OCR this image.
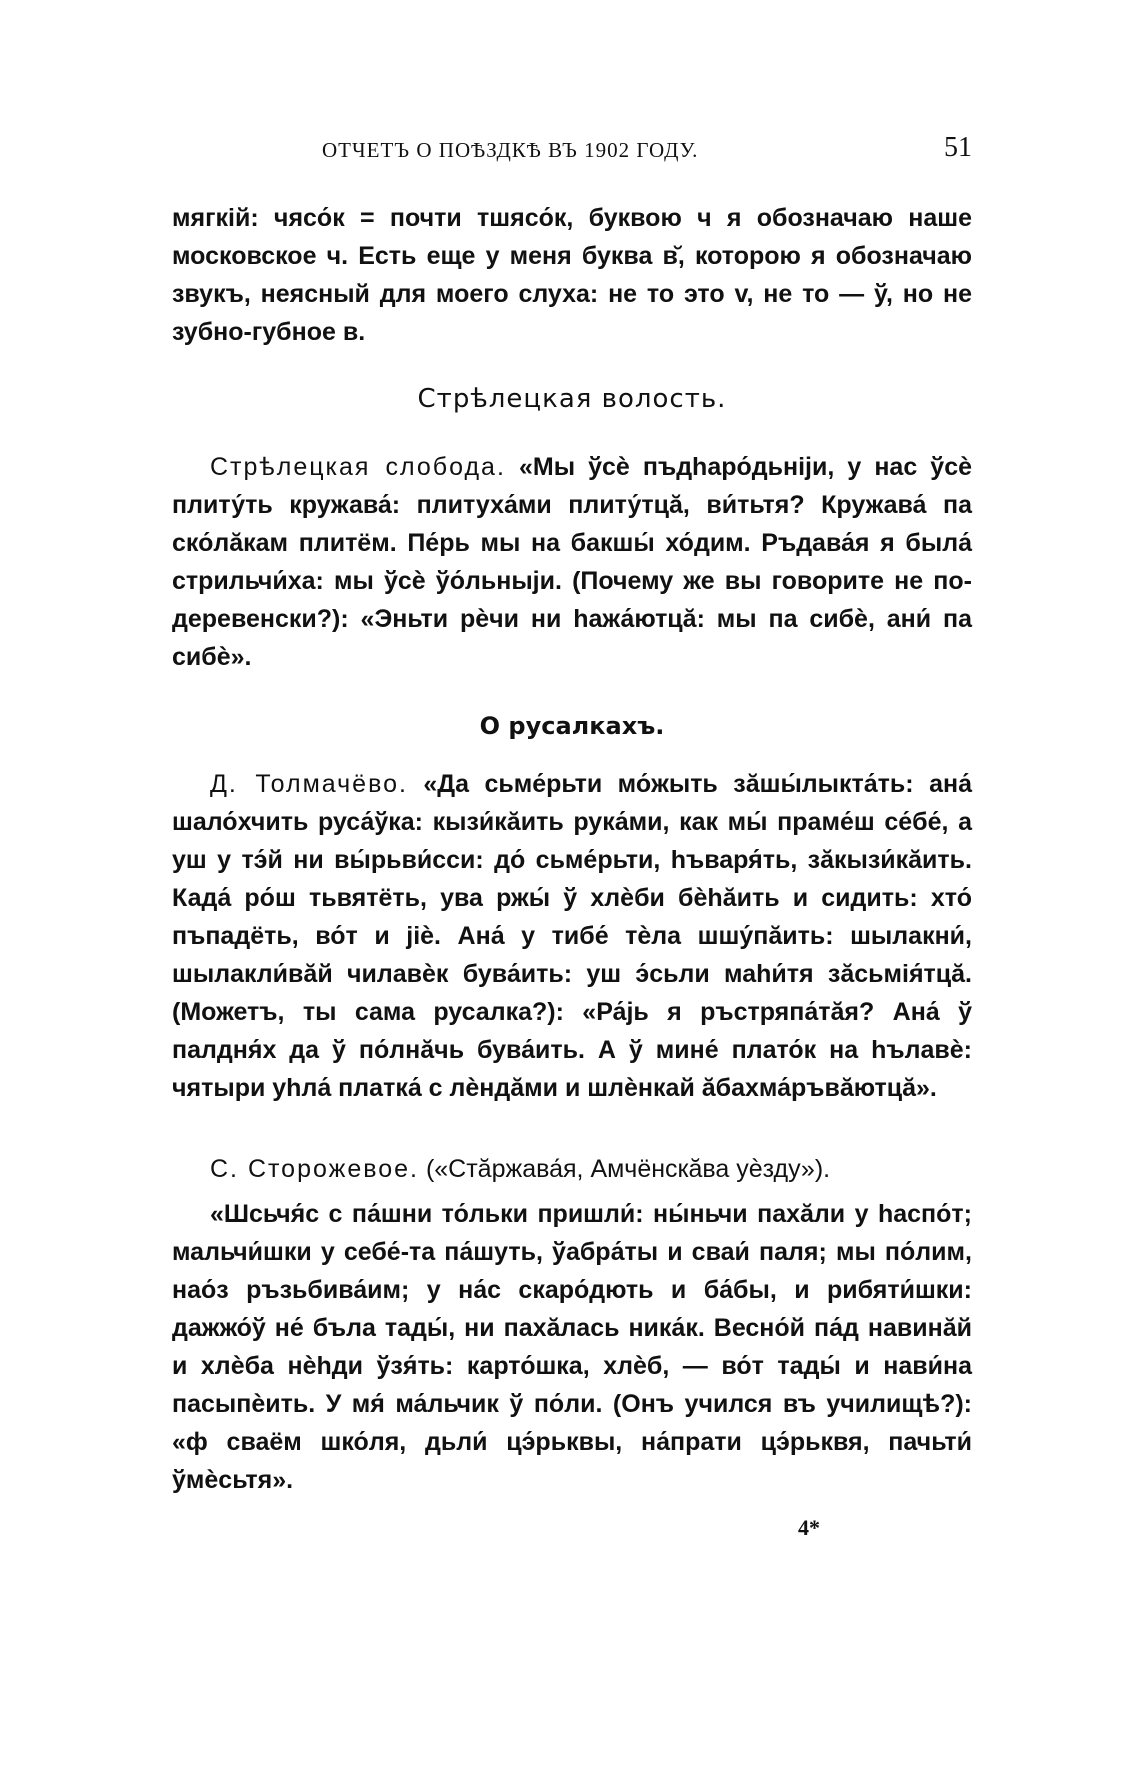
ОТЧЕТЪ О ПОѢЗДКѢ ВЪ 1902 ГОДУ.	51

мягкій: чясо́к = почти тшясо́к, буквою ч я обозначаю наше московское ч. Есть еще у меня буква в̆, которою я обозначаю звукъ, неясный для моего слуха: не то это v, не то — ў, но не зубно-губное в.

Стрѣлецкая волость.

Стрѣлецкая слобода. «Мы ўсѐ пъдhаро́дьнiји, у нас ўсѐ плиту́ть кружава́: плитуха́ми плиту́тцă, ви́тьтя? Кружава́ па ско́лăкам плитём. Пе́рь мы на бакшы́ хо́дим. Ръдава́я я была́ стрильчи́ха: мы ўсѐ ўо́льныји. (Почему же вы говорите не по-деревенски?): «Эньти рѐчи ни hажа́ютцă: мы па сибѐ, ани́ па сибѐ».

О русалкахъ.

Д. Толмачёво. «Да сьме́рьти мо́жыть зăшы́лыкта́ть: ана́ шало́хчить руса́ўка: кызи́кăить рука́ми, как мы́ праме́ш се́бе́, а уш у тэ́й ни вы́рьви́сси: до́ сьме́рьти, hъваря́ть, зăкызи́кăить. Када́ ро́ш тьвятёть, ува ржы́ ў хлѐби бѐhăить и сидить: хто́ пъпадёть, во́т и jiѐ. Ана́ у тибе́ тѐла шшу́пăить: шылакни́, шылакли́вăй чилавѐк бува́ить: уш э́сьли маhи́тя зăсьмiя́тцă. (Можетъ, ты сама русалка?): «Ра́јь я ръстряпа́тăя? Ана́ ў палдня́х да ў по́лнăчь бува́ить. А ў мине́ плато́к на hълавѐ: чятыри уhла́ платка́ с лѐндăми и шлѐнкай ăбахма́ръвăютцă».

С. Сторожевое. («Стăржава́я, Амчёнскăва уѐзду»).

«Шсьчя́с с па́шни то́льки пришли́: ны́ньчи пахăли у hаспо́т; мальчи́шки у себе́-та па́шуть, ўабра́ты и сваи́ паля; мы по́лим, нао́з ръзьбива́им; у на́с скаро́дють и ба́бы, и рибяти́шки: дажжо́ў не́ бъла тады́, ни пахăлась ника́к. Весно́й па́д навинăй и хлѐба нѐhди ўзя́ть: карто́шка, хлѐб, — во́т тады́ и нави́на пасыпѐить. У мя́ ма́льчик ў по́ли. (Онъ учился въ училищѣ?): «ф сваём шко́ля, дьли́ цэ́рьквы, на́прати цэ́рьквя, пачьти́ ўмѐсьтя».

4*
